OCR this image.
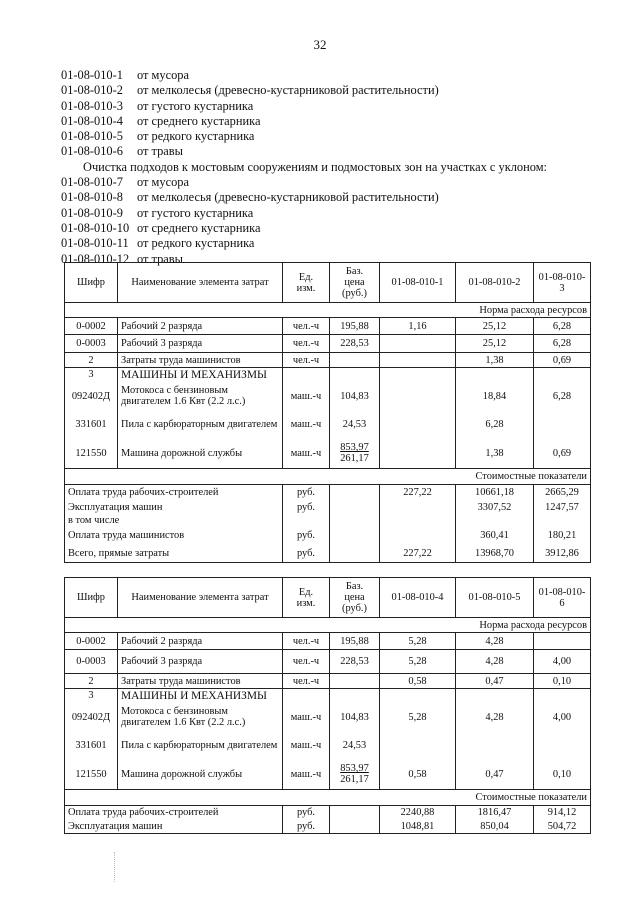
32
01-08-010-1 от мусора
01-08-010-2 от мелколесья (древесно-кустарниковой растительности)
01-08-010-3 от густого кустарника
01-08-010-4 от среднего кустарника
01-08-010-5 от редкого кустарника
01-08-010-6 от травы
Очистка подходов к мостовым сооружениям и подмостовых зон на участках с уклоном:
01-08-010-7 от мусора
01-08-010-8 от мелколесья (древесно-кустарниковой растительности)
01-08-010-9 от густого кустарника
01-08-010-10 от среднего кустарника
01-08-010-11 от редкого кустарника
01-08-010-12 от травы
Шифр	Наименование элемента затрат	Ед.
изм.	Баз.
цена
(руб.)	01-08-010-1	01-08-010-2	01-08-010-3
Норма расхода ресурсов						
0-0002	Рабочий 2 разряда	чел.-ч	195,88	1,16	25,12	6,28
0-0003	Рабочий 3 разряда	чел.-ч	228,53		25,12	6,28
2	Затраты труда машинистов	чел.-ч			1,38	0,69
3	МАШИНЫ И МЕХАНИЗМЫ					
092402Д	Мотокоса с бензиновым двигателем 1.6 Квт (2.2 л.с.)	маш.-ч	104,83		18,84	6,28
331601	Пила с карбюраторным двигателем	маш.-ч	24,53		6,28	
121550	Машина дорожной службы	маш.-ч	853,97
261,17		1,38	0,69
Стоимостные показатели						
Оплата труда рабочих-строителей		руб.		227,22	10661,18	2665,29
Эксплуатация машин		руб.			3307,52	1247,57
в том числе						
Оплата труда машинистов		руб.			360,41	180,21
Всего, прямые затраты		руб.		227,22	13968,70	3912,86
Шифр	Наименование элемента затрат	Ед.
изм.	Баз.
цена
(руб.)	01-08-010-4	01-08-010-5	01-08-010-6
Норма расхода ресурсов						
0-0002	Рабочий 2 разряда	чел.-ч	195,88	5,28	4,28	
0-0003	Рабочий 3 разряда	чел.-ч	228,53	5,28	4,28	4,00
2	Затраты труда машинистов	чел.-ч		0,58	0,47	0,10
3	МАШИНЫ И МЕХАНИЗМЫ					
092402Д	Мотокоса с бензиновым двигателем 1.6 Квт (2.2 л.с.)	маш.-ч	104,83	5,28	4,28	4,00
331601	Пила с карбюраторным двигателем	маш.-ч	24,53			
121550	Машина дорожной службы	маш.-ч	853,97
261,17	0,58	0,47	0,10
Стоимостные показатели						
Оплата труда рабочих-строителей		руб.		2240,88	1816,47	914,12
Эксплуатация машин		руб.		1048,81	850,04	504,72
